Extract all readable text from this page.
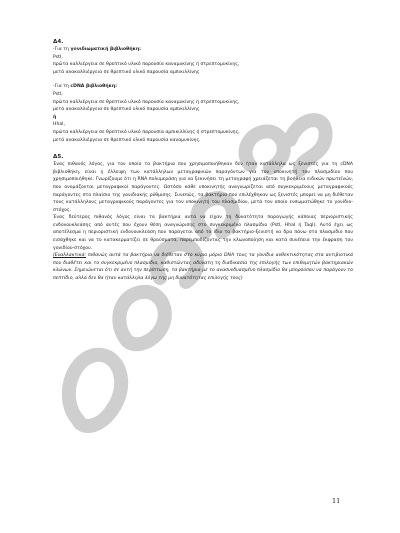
Δ4.
-Για τη γονιδιωματική βιβλιοθήκη:
PstI,
πρώτα καλλιέργεια σε θρεπτικό υλικό παρουσία καναμυκίνης ή στρεπτομυκίνης,
μετά ανακαλλιέργεια σε θρεπτικό υλικό παρουσία αμπικιλλίνης
-Για τη cDNA βιβλιοθήκη:
PstI,
πρώτα καλλιέργεια σε θρεπτικό υλικό παρουσία καναμυκίνης ή στρεπτομυκίνης,
μετά ανακαλλιέργεια σε θρεπτικό υλικό παρουσία αμπικιλλίνης
ή
HhaI,
πρώτα καλλιέργεια σε θρεπτικό υλικό παρουσία αμπικιλλίνης ή στρεπτομυκίνης,
μετά ανακαλλιέργεια σε θρεπτικό υλικό παρουσία καναμυκίνης.
Δ5.
Ένας πιθανός λόγος, για τον οποίο τα βακτήρια που χρησιμοποιήθηκαν δεν ήταν κατάλληλα ως ξενιστές για τη cDNA βιβλιοθήκη, είναι η έλλειψη των κατάλληλων μεταγραφικών παραγόντων για τον υποκινητή του πλασμιδίου που χρησιμοποιήθηκε. Γνωρίζουμε ότι η RNA πολυμεράση για να ξεκινήσει τη μεταγραφή χρειάζεται τη βοήθεια ειδικών πρωτεϊνών, που ονομάζονται μεταγραφικοί παράγοντες. Ωστόσο κάθε υποκινητής αναγνωρίζεται από συγκεκριμένους μεταγραφικούς παράγοντες στο πλαίσιο της γονιδιακής ρύθμισης. Συνεπώς, τα βακτήρια που επιλέχθηκαν ως ξενιστές μπορεί να μη διέθεταν τους κατάλληλους μεταγραφικούς παράγοντες για τον υποκινητή του πλασμιδίου, μετά τον οποίο ενσωματώθηκε το γονίδιο-στόχος.
Ένας δεύτερος πιθανός λόγος είναι τα βακτήρια αυτά να είχαν τη δυνατότητα παραγωγής κάποιας περιοριστικής ενδονουκλεάσης από αυτές που έχουν θέση αναγνώρισης στο συγκεκριμένο πλασμίδιο (PstI, HhaI ή TaqI). Αυτό έχει ως αποτέλεσμα η περιοριστική ενδονουκλεάση που παράγεται από το ίδιο το βακτήριο-ξενιστή να δρα πάνω στο πλασμίδιο που εισάχθηκε και να το κατακερματίζει σε θραύσματα, παρεμποδίζοντας την κλωνοποίηση και κατά συνέπεια την έκφραση του γονιδίου-στόχου.
(Εναλλακτικά: πιθανώς αυτά τα βακτήρια να διέθεταν στο κύριο μόριο DNA τους τα γονίδια ανθεκτικότητας στα αντιβιοτικά που διαθέτει και το συγκεκριμένο πλασμίδιο, καθιστώντας αδύνατη τη διαδικασία της επιλογής των επιθυμητών βακτηριακών κλώνων. Σημειώνεται ότι σε αυτή την περίπτωση, τα βακτήρια με το ανασυνδυασμένο πλασμίδιο θα μπορούσαν να παράγουν το πεπτίδιο, αλλά δεν θα ήταν κατάλληλα λόγω της μη δυνατότητας επιλογής τους)
11
